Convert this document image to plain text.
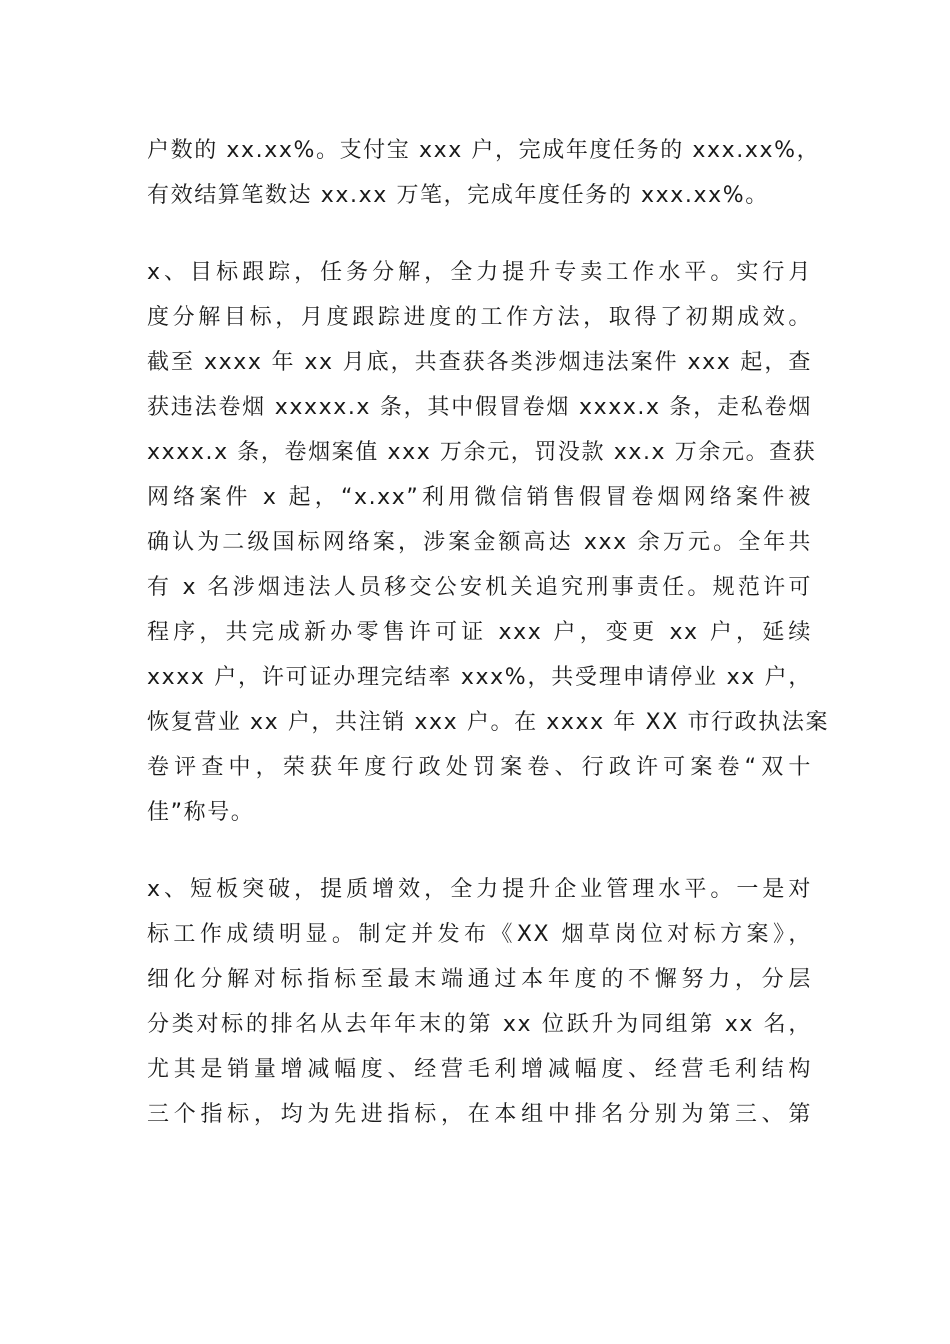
户数的 xx.xx%。支付宝 xxx 户，完成年度任务的 xxx.xx%，
有效结算笔数达 xx.xx 万笔，完成年度任务的 xxx.xx%。
x、目标跟踪，任务分解，全力提升专卖工作水平。实行月
度分解目标，月度跟踪进度的工作方法，取得了初期成效。
截至 xxxx 年 xx 月底，共查获各类涉烟违法案件 xxx 起，查
获违法卷烟 xxxxx.x 条，其中假冒卷烟 xxxx.x 条，走私卷烟
xxxx.x 条，卷烟案值 xxx 万余元，罚没款 xx.x 万余元。查获
网络案件 x 起，“x.xx”利用微信销售假冒卷烟网络案件被
确认为二级国标网络案，涉案金额高达 xxx 余万元。全年共
有 x 名涉烟违法人员移交公安机关追究刑事责任。规范许可
程序，共完成新办零售许可证 xxx 户，变更 xx 户，延续
xxxx 户，许可证办理完结率 xxx%，共受理申请停业 xx 户，
恢复营业 xx 户，共注销 xxx 户。在 xxxx 年 XX 市行政执法案
卷评查中，荣获年度行政处罚案卷、行政许可案卷“双十
佳”称号。
x、短板突破，提质增效，全力提升企业管理水平。一是对
标工作成绩明显。制定并发布《XX 烟草岗位对标方案》，
细化分解对标指标至最末端通过本年度的不懈努力，分层
分类对标的排名从去年年末的第 xx 位跃升为同组第 xx 名，
尤其是销量增减幅度、经营毛利增减幅度、经营毛利结构
三个指标，均为先进指标，在本组中排名分别为第三、第
